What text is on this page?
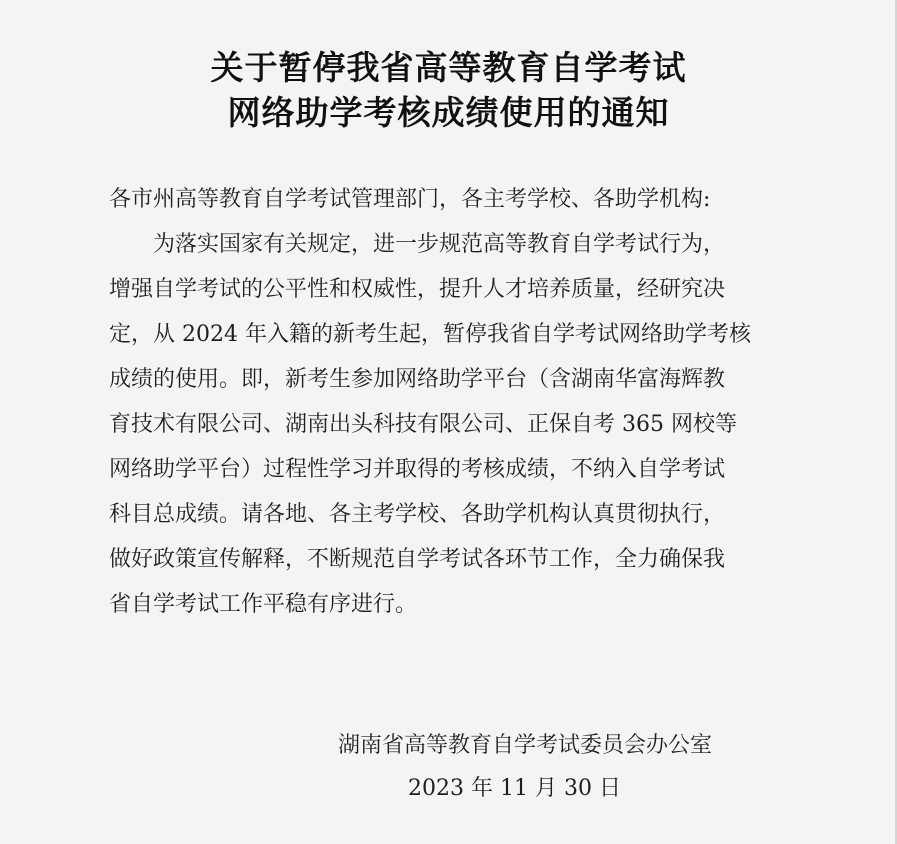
关于暂停我省高等教育自学考试
网络助学考核成绩使用的通知
各市州高等教育自学考试管理部门，各主考学校、各助学机构:
　　为落实国家有关规定，进一步规范高等教育自学考试行为，
增强自学考试的公平性和权威性，提升人才培养质量，经研究决
定，从 2024 年入籍的新考生起，暂停我省自学考试网络助学考核
成绩的使用。即，新考生参加网络助学平台（含湖南华富海辉教
育技术有限公司、湖南出头科技有限公司、正保自考 365 网校等
网络助学平台）过程性学习并取得的考核成绩，不纳入自学考试
科目总成绩。请各地、各主考学校、各助学机构认真贯彻执行，
做好政策宣传解释，不断规范自学考试各环节工作，全力确保我
省自学考试工作平稳有序进行。
湖南省高等教育自学考试委员会办公室
2023 年 11 月 30 日
